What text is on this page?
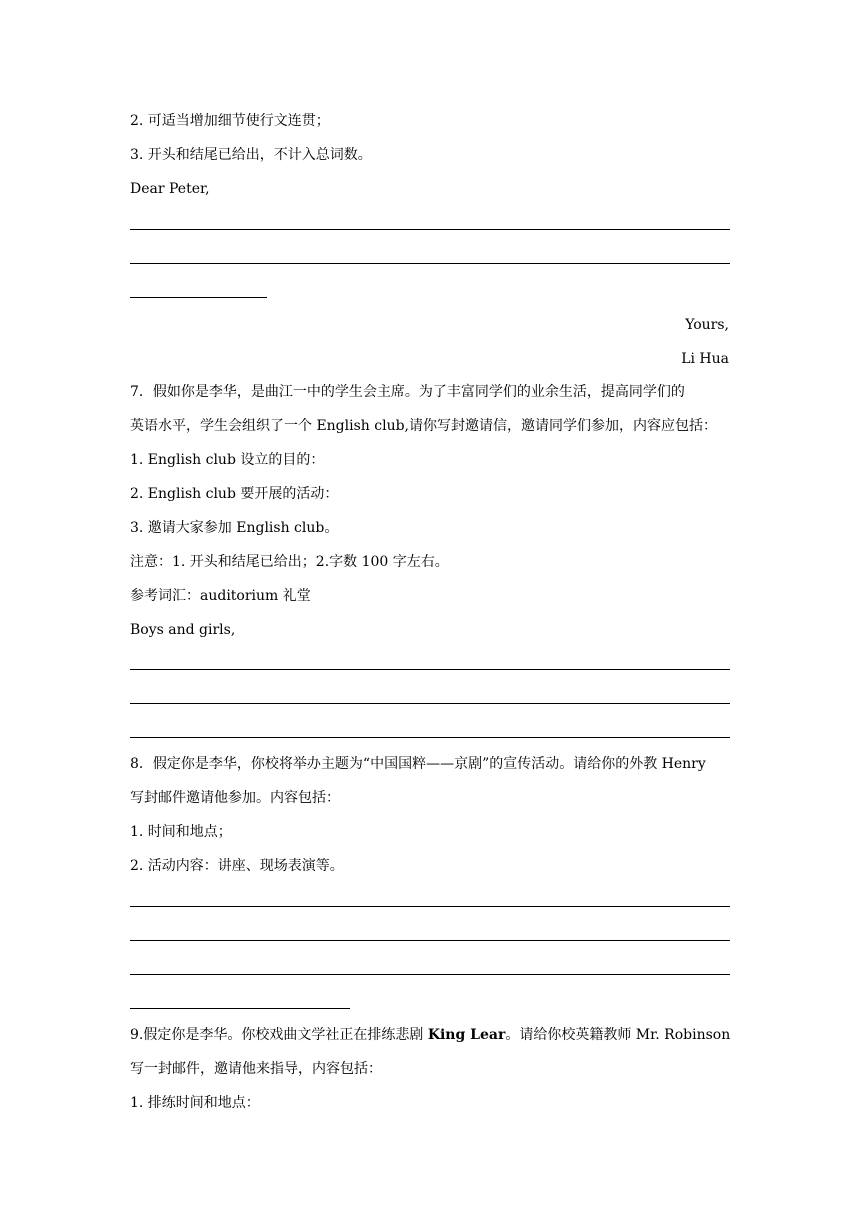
2. 可适当增加细节使行文连贯；
3. 开头和结尾已给出，不计入总词数。
Dear Peter,
Yours,
Li Hua
7．假如你是李华，是曲江一中的学生会主席。为了丰富同学们的业余生活，提高同学们的
英语水平，学生会组织了一个 English club,请你写封邀请信，邀请同学们参加，内容应包括：
1. English club 设立的目的：
2. English club 要开展的活动：
3. 邀请大家参加 English club。
注意：1. 开头和结尾已给出；2.字数 100 字左右。
参考词汇：auditorium 礼堂
Boys and girls,
8．假定你是李华，你校将举办主题为“中国国粹——京剧”的宣传活动。请给你的外教 Henry
写封邮件邀请他参加。内容包括：
1. 时间和地点；
2. 活动内容：讲座、现场表演等。
9.假定你是李华。你校戏曲文学社正在排练悲剧 King Lear。请给你校英籍教师 Mr. Robinson
写一封邮件，邀请他来指导，内容包括：
1. 排练时间和地点：
